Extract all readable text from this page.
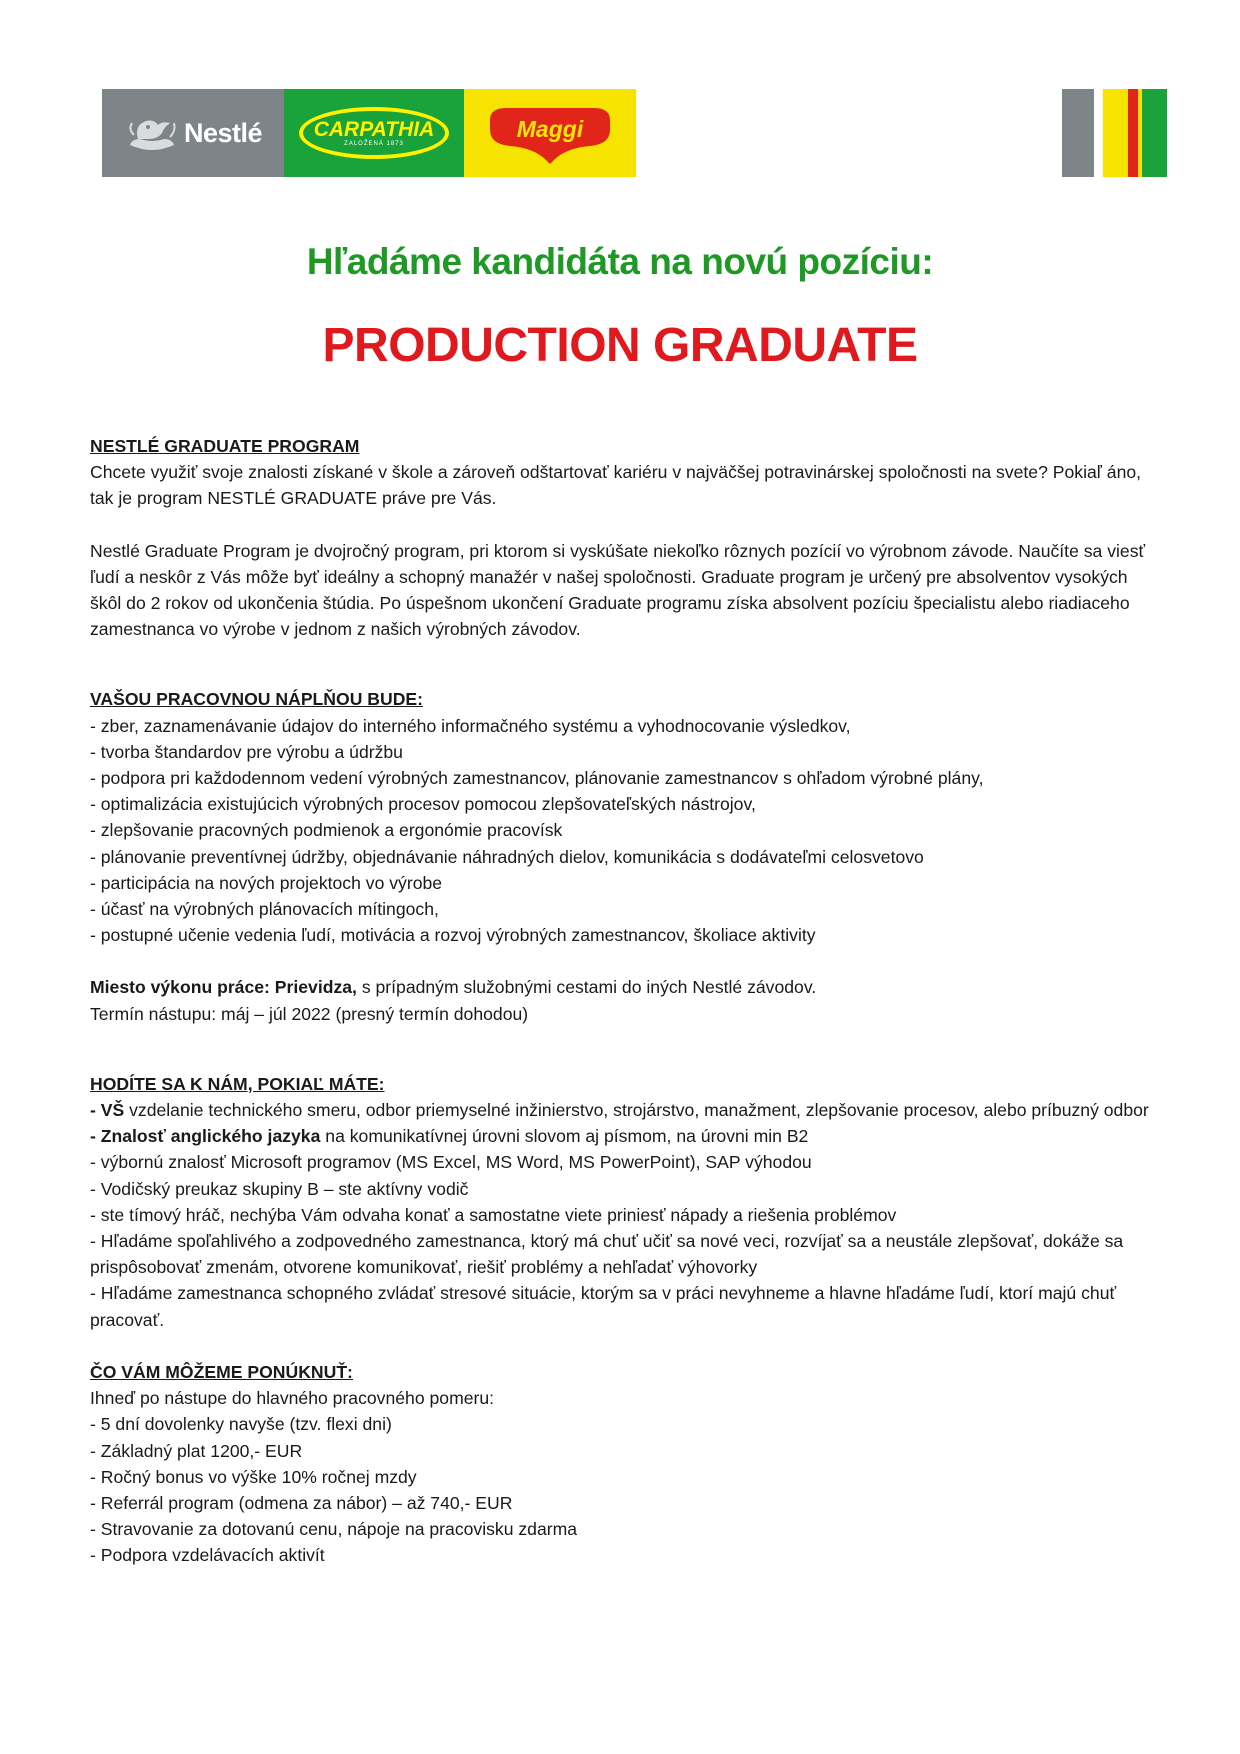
Nestlé CARPATHIA
ZALOŽENÁ 1873
Maggi
Hľadáme kandidáta na novú pozíciu:
PRODUCTION GRADUATE

NESTLÉ GRADUATE PROGRAM

Chcete využiť svoje znalosti získané v škole a zároveň odštartovať kariéru v najväčšej potravinárskej spoločnosti na svete? Pokiaľ áno, tak je program NESTLÉ GRADUATE práve pre Vás.

Nestlé Graduate Program je dvojročný program, pri ktorom si vyskúšate niekoľko rôznych pozícií vo výrobnom závode. Naučíte sa viesť ľudí a neskôr z Vás môže byť ideálny a schopný manažér v našej spoločnosti. Graduate program je určený pre absolventov vysokých škôl do 2 rokov od ukončenia štúdia. Po úspešnom ukončení Graduate programu získa absolvent pozíciu špecialistu alebo riadiaceho zamestnanca vo výrobe v jednom z našich výrobných závodov.

VAŠOU PRACOVNOU NÁPLŇOU BUDE:

- zber, zaznamenávanie údajov do interného informačného systému a vyhodnocovanie výsledkov,

- tvorba štandardov pre výrobu a údržbu

- podpora pri každodennom vedení výrobných zamestnancov, plánovanie zamestnancov s ohľadom výrobné plány,

- optimalizácia existujúcich výrobných procesov pomocou zlepšovateľských nástrojov,

- zlepšovanie pracovných podmienok a ergonómie pracovísk

- plánovanie preventívnej údržby, objednávanie náhradných dielov, komunikácia s dodávateľmi celosvetovo

- participácia na nových projektoch vo výrobe

- účasť na výrobných plánovacích mítingoch,

- postupné učenie vedenia ľudí, motivácia a rozvoj výrobných zamestnancov, školiace aktivity

Miesto výkonu práce: Prievidza, s prípadným služobnými cestami do iných Nestlé závodov.

Termín nástupu: máj – júl 2022 (presný termín dohodou)

HODÍTE SA K NÁM, POKIAĽ MÁTE:

- VŠ vzdelanie technického smeru, odbor priemyselné inžinierstvo, strojárstvo, manažment, zlepšovanie procesov, alebo príbuzný odbor

- Znalosť anglického jazyka na komunikatívnej úrovni slovom aj písmom, na úrovni min B2

- výbornú znalosť Microsoft programov (MS Excel, MS Word, MS PowerPoint), SAP výhodou

- Vodičský preukaz skupiny B – ste aktívny vodič

- ste tímový hráč, nechýba Vám odvaha konať a samostatne viete priniesť nápady a riešenia problémov

- Hľadáme spoľahlivého a zodpovedného zamestnanca, ktorý má chuť učiť sa nové veci, rozvíjať sa a neustále zlepšovať, dokáže sa prispôsobovať zmenám, otvorene komunikovať, riešiť problémy a nehľadať výhovorky

- Hľadáme zamestnanca schopného zvládať stresové situácie, ktorým sa v práci nevyhneme a hlavne hľadáme ľudí, ktorí majú chuť pracovať.

ČO VÁM MÔŽEME PONÚKNUŤ:

Ihneď po nástupe do hlavného pracovného pomeru:

- 5 dní dovolenky navyše (tzv. flexi dni)

- Základný plat 1200,- EUR

- Ročný bonus vo výške 10% ročnej mzdy

- Referrál program (odmena za nábor) – až 740,- EUR

- Stravovanie za dotovanú cenu, nápoje na pracovisku zdarma

- Podpora vzdelávacích aktivít
